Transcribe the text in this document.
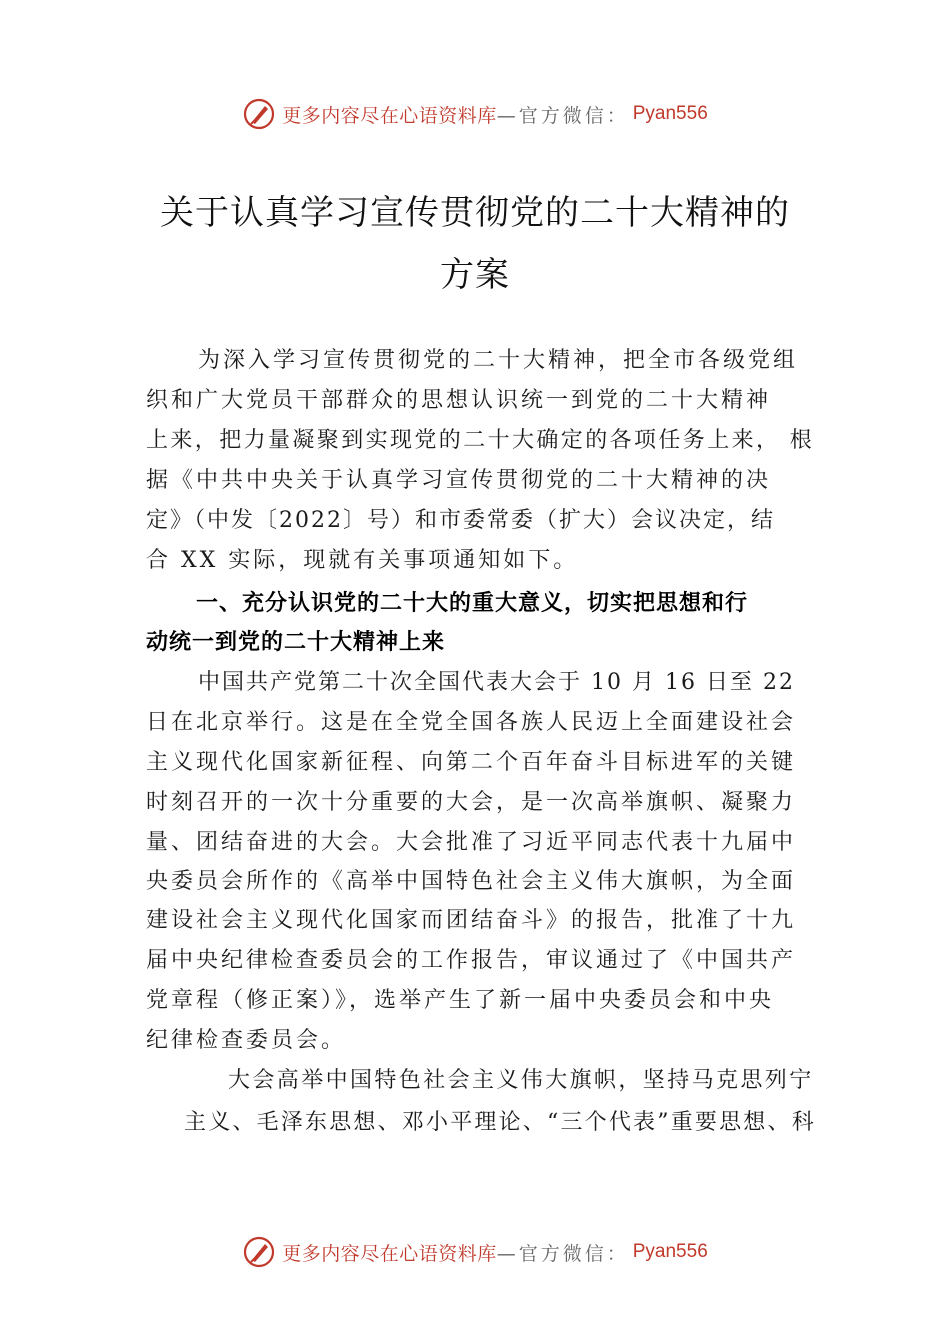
更多内容尽在心语资料库 —官方微信： Pyan556
关于认真学习宣传贯彻党的二十大精神的
方案

为深入学习宣传贯彻党的二十大精神，把全市各级党组

织和广大党员干部群众的思想认识统一到党的二十大精神

上来，把力量凝聚到实现党的二十大确定的各项任务上来， 根

据《中共中央关于认真学习宣传贯彻党的二十大精神的决

定》（中发〔2022〕号）和市委常委（扩大）会议决定，结

合 XX 实际，现就有关事项通知如下。

一、充分认识党的二十大的重大意义，切实把思想和行

动统一到党的二十大精神上来

中国共产党第二十次全国代表大会于 10 月 16 日至 22

日在北京举行。这是在全党全国各族人民迈上全面建设社会

主义现代化国家新征程、向第二个百年奋斗目标进军的关键

时刻召开的一次十分重要的大会，是一次高举旗帜、凝聚力

量、团结奋进的大会。大会批准了习近平同志代表十九届中

央委员会所作的《高举中国特色社会主义伟大旗帜，为全面

建设社会主义现代化国家而团结奋斗》的报告，批准了十九

届中央纪律检查委员会的工作报告，审议通过了《中国共产

党章程（修正案）》，选举产生了新一届中央委员会和中央

纪律检查委员会。

大会高举中国特色社会主义伟大旗帜，坚持马克思列宁

主义、毛泽东思想、邓小平理论、“三个代表”重要思想、科

更多内容尽在心语资料库 —官方微信： Pyan556
